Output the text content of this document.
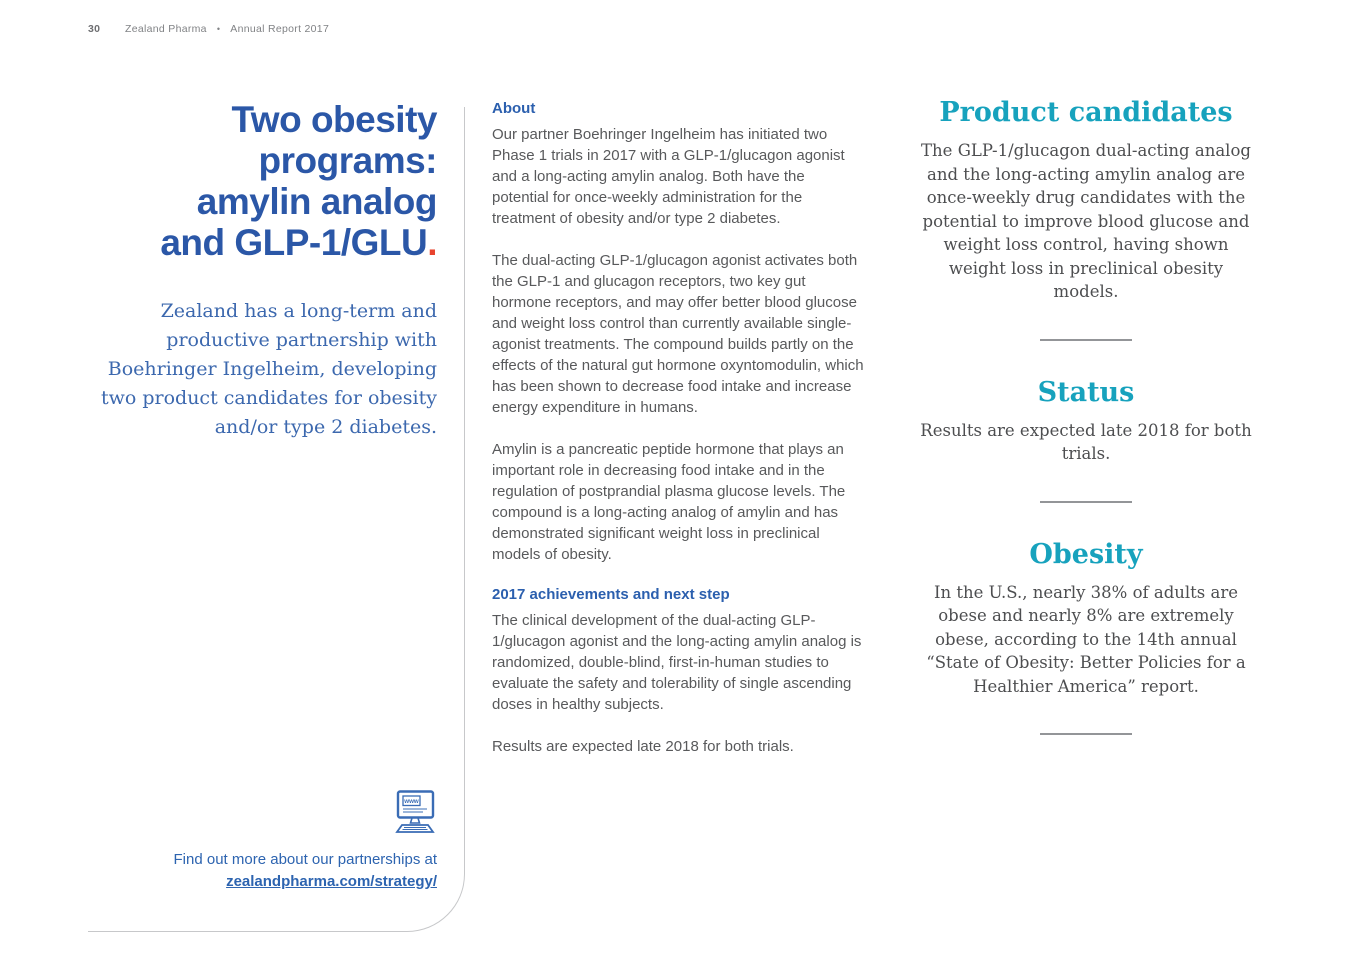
30	Zealand Pharma • Annual Report 2017
Two obesity
programs:
amylin analog
and GLP-1/GLU.

Zealand has a long-term and productive partnership with Boehringer Ingelheim, developing two product candidates for obesity and/or type 2 diabetes.

About

Our partner Boehringer Ingelheim has initiated two Phase 1 trials in 2017 with a GLP-1/glucagon agonist and a long-acting amylin analog. Both have the potential for once-weekly administration for the treatment of obesity and/or type 2 diabetes.

The dual-acting GLP-1/glucagon agonist activates both the GLP-1 and glucagon receptors, two key gut hormone receptors, and may offer better blood glucose and weight loss control than currently available single-agonist treatments. The compound builds partly on the effects of the natural gut hormone oxyntomodulin, which has been shown to decrease food intake and increase energy expenditure in humans.

Amylin is a pancreatic peptide hormone that plays an important role in decreasing food intake and in the regulation of postprandial plasma glucose levels. The compound is a long-acting analog of amylin and has demonstrated significant weight loss in preclinical models of obesity.

2017 achievements and next step

The clinical development of the dual-acting GLP-1/glucagon agonist and the long-acting amylin analog is randomized, double-blind, first-in-human studies to evaluate the safety and tolerability of single ascending doses in healthy subjects.

Results are expected late 2018 for both trials.

Product candidates

The GLP-1/glucagon dual-acting analog and the long-acting amylin analog are once-weekly drug candidates with the potential to improve blood glucose and weight loss control, having shown weight loss in preclinical obesity models.

Status

Results are expected late 2018 for both trials.

Obesity

In the U.S., nearly 38% of adults are obese and nearly 8% are extremely obese, according to the 14th annual “State of Obesity: Better Policies for a Healthier America” report.

www

Find out more about our partnerships at
zealandpharma.com/strategy/
